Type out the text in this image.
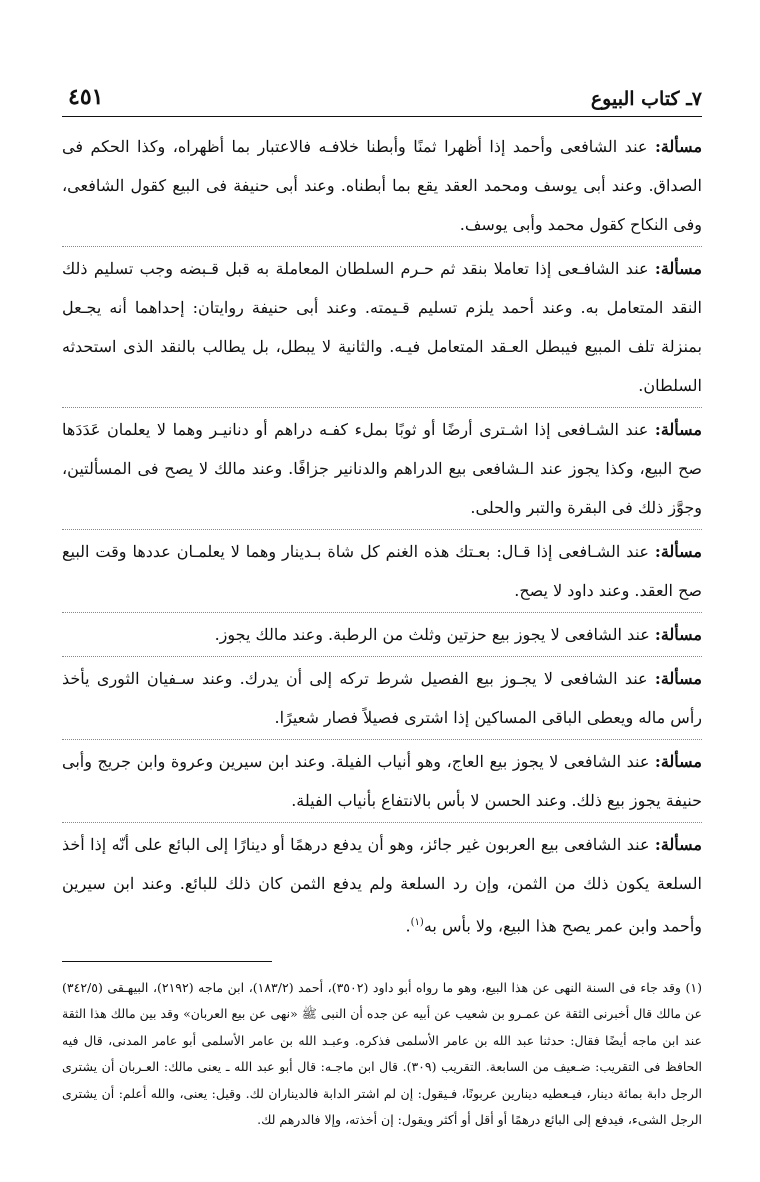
٧ـ كتاب البيوع
٤٥١

مسألة: عند الشافعى وأحمد إذا أظهرا ثمنًا وأبطنا خلافـه فالاعتبار بما أظهراه، وكذا الحكم فى الصداق. وعند أبى يوسف ومحمد العقد يقع بما أبطناه. وعند أبى حنيفة فى البيع كقول الشافعى، وفى النكاح كقول محمد وأبى يوسف.

مسألة: عند الشافـعى إذا تعاملا بنقد ثم حـرم السلطان المعاملة به قبل قـبضه وجب تسليم ذلك النقد المتعامل به. وعند أحمد يلزم تسليم قـيمته. وعند أبى حنيفة روايتان: إحداهما أنه يجـعل بمنزلة تلف المبيع فيبطل العـقد المتعامل فيـه. والثانية لا يبطل، بل يطالب بالنقد الذى استحدثه السلطان.

مسألة: عند الشـافعى إذا اشـترى أرضًا أو ثوبًا بملء كفـه دراهم أو دنانيـر وهما لا يعلمان عَدَدَها صح البيع، وكذا يجوز عند الـشافعى بيع الدراهم والدنانير جزافًا. وعند مالك لا يصح فى المسألتين، وجوَّز ذلك فى البقرة والتبر والحلى.

مسألة: عند الشـافعى إذا قـال: بعـتك هذه الغنم كل شاة بـدينار وهما لا يعلمـان عددها وقت البيع صح العقد. وعند داود لا يصح.

مسألة: عند الشافعى لا يجوز بيع حزتين وثلث من الرطبة. وعند مالك يجوز.

مسألة: عند الشافعى لا يجـوز بيع الفصيل شرط تركه إلى أن يدرك. وعند سـفيان الثورى يأخذ رأس ماله ويعطى الباقى المساكين إذا اشترى فصيلاً فصار شعيرًا.

مسألة: عند الشافعى لا يجوز بيع العاج، وهو أنياب الفيلة. وعند ابن سيرين وعروة وابن جريج وأبى حنيفة يجوز بيع ذلك. وعند الحسن لا بأس بالانتفاع بأنياب الفيلة.

مسألة: عند الشافعى بيع العربون غير جائز، وهو أن يدفع درهمًا أو دينارًا إلى البائع على أنّه إذا أخذ السلعة يكون ذلك من الثمن، وإن رد السلعة ولم يدفع الثمن كان ذلك للبائع. وعند ابن سيرين وأحمد وابن عمر يصح هذا البيع، ولا بأس به$^{(١)}$.

(١) وقد جاء فى السنة النهى عن هذا البيع، وهو ما رواه أبو داود (٣٥٠٢)، أحمد (١٨٣/٢)، ابن ماجه (٢١٩٢)، البيهـقى (٣٤٢/٥) عن مالك قال أخبرنى الثقة عن عمـرو بن شعيب عن أبيه عن جده أن النبى ﷺ «نهى عن بيع العربان» وقد بين مالك هذا الثقة عند ابن ماجه أيضًا فقال: حدثنا عبد الله بن عامر الأسلمى فذكره. وعبـد الله بن عامر الأسلمى أبو عامر المدنى، قال فيه الحافظ فى التقريب: ضـعيف من السابعة. التقريب (٣٠٩). قال ابن ماجـه: قال أبو عبد الله ـ يعنى مالك: العـربان أن يشترى الرجل دابة بمائة دينار، فيـعطيه دينارين عربونًا، فـيقول: إن لم اشتر الدابة فالديناران لك. وقيل: يعنى، والله أعلم: أن يشترى الرجل الشىء، فيدفع إلى البائع درهمًا أو أقل أو أكثر ويقول: إن أخذته، وإلا فالدرهم لك.
